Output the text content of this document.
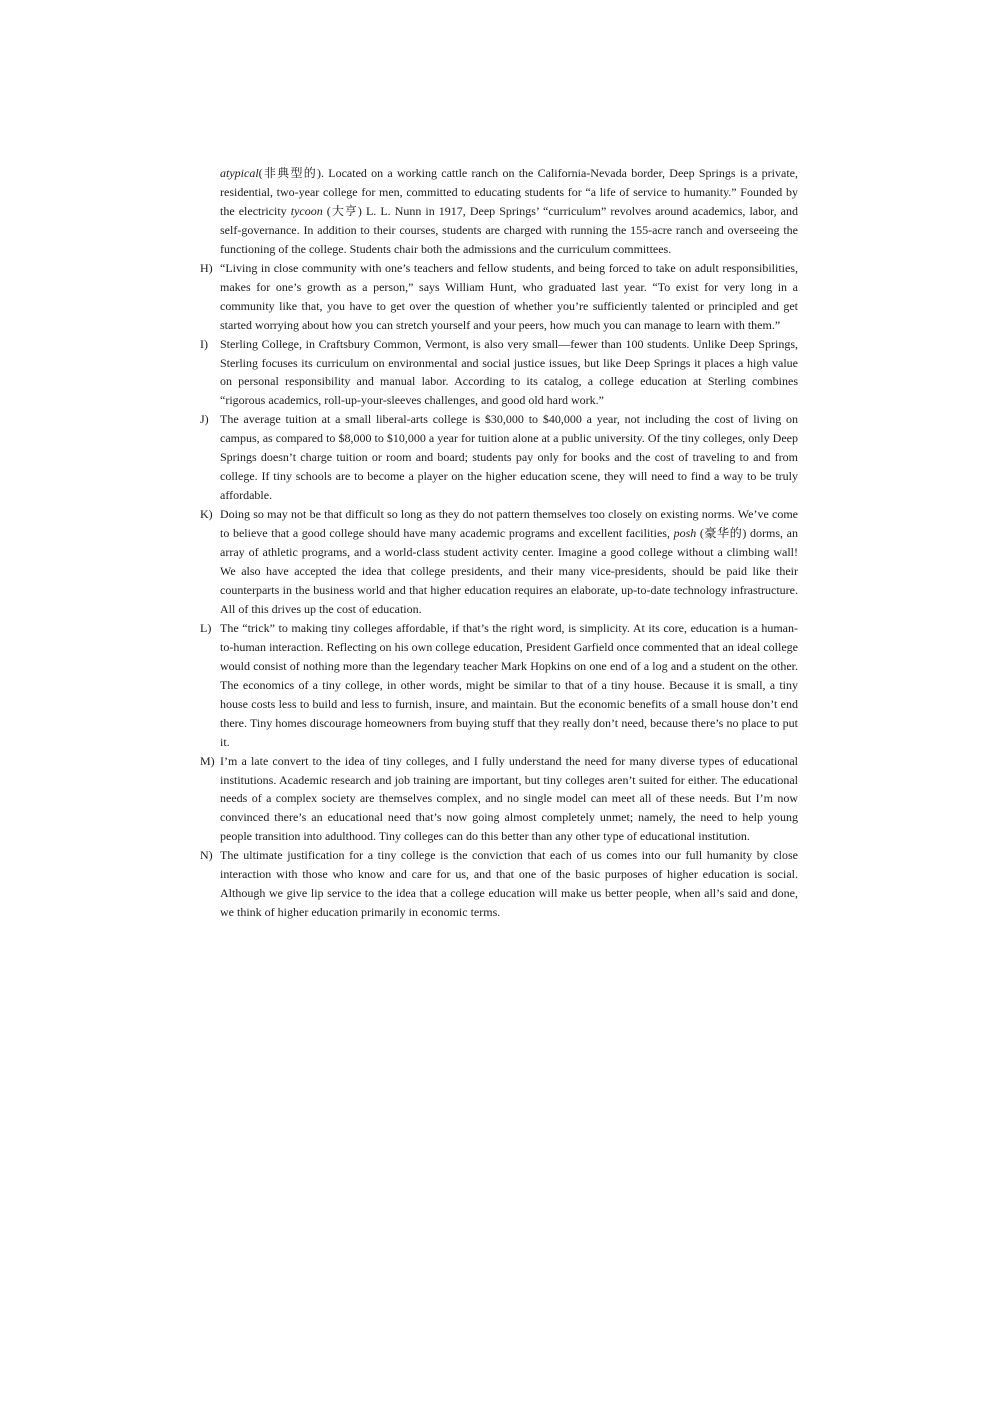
atypical(非典型的). Located on a working cattle ranch on the California-Nevada border, Deep Springs is a private, residential, two-year college for men, committed to educating students for “a life of service to humanity.” Founded by the electricity tycoon (大亨) L. L. Nunn in 1917, Deep Springs’ “curriculum” revolves around academics, labor, and self-governance. In addition to their courses, students are charged with running the 155-acre ranch and overseeing the functioning of the college. Students chair both the admissions and the curriculum committees.
H) “Living in close community with one’s teachers and fellow students, and being forced to take on adult responsibilities, makes for one’s growth as a person,” says William Hunt, who graduated last year. “To exist for very long in a community like that, you have to get over the question of whether you’re sufficiently talented or principled and get started worrying about how you can stretch yourself and your peers, how much you can manage to learn with them.”
I)	Sterling College, in Craftsbury Common, Vermont, is also very small—fewer than 100 students. Unlike Deep Springs, Sterling focuses its curriculum on environmental and social justice issues, but like Deep Springs it places a high value on personal responsibility and manual labor. According to its catalog, a college education at Sterling combines “rigorous academics, roll-up-your-sleeves challenges, and good old hard work.”
J) The average tuition at a small liberal-arts college is $30,000 to $40,000 a year, not including the cost of living on campus, as compared to $8,000 to $10,000 a year for tuition alone at a public university. Of the tiny colleges, only Deep Springs doesn’t charge tuition or room and board; students pay only for books and the cost of traveling to and from college. If tiny schools are to become a player on the higher education scene, they will need to find a way to be truly affordable.
K) Doing so may not be that difficult so long as they do not pattern themselves too closely on existing norms. We’ve come to believe that a good college should have many academic programs and excellent facilities, posh (豪华的) dorms, an array of athletic programs, and a world-class student activity center. Imagine a good college without a climbing wall! We also have accepted the idea that college presidents, and their many vice-presidents, should be paid like their counterparts in the business world and that higher education requires an elaborate, up-to-date technology infrastructure. All of this drives up the cost of education.
L) The “trick” to making tiny colleges affordable, if that’s the right word, is simplicity. At its core, education is a human-to-human interaction. Reflecting on his own college education, President Garfield once commented that an ideal college would consist of nothing more than the legendary teacher Mark Hopkins on one end of a log and a student on the other. The economics of a tiny college, in other words, might be similar to that of a tiny house. Because it is small, a tiny house costs less to build and less to furnish, insure, and maintain. But the economic benefits of a small house don’t end there. Tiny homes discourage homeowners from buying stuff that they really don’t need, because there’s no place to put it.
M) I’m a late convert to the idea of tiny colleges, and I fully understand the need for many diverse types of educational institutions. Academic research and job training are important, but tiny colleges aren’t suited for either. The educational needs of a complex society are themselves complex, and no single model can meet all of these needs. But I’m now convinced there’s an educational need that’s now going almost completely unmet; namely, the need to help young people transition into adulthood. Tiny colleges can do this better than any other type of educational institution.
N) The ultimate justification for a tiny college is the conviction that each of us comes into our full humanity by close interaction with those who know and care for us, and that one of the basic purposes of higher education is social. Although we give lip service to the idea that a college education will make us better people, when all’s said and done, we think of higher education primarily in economic terms.
